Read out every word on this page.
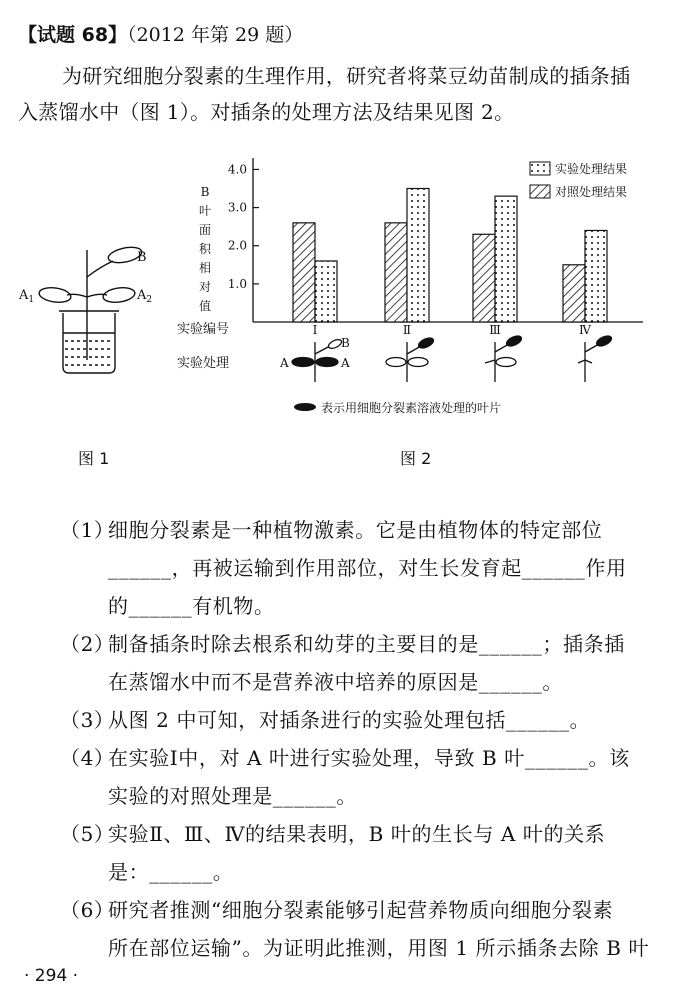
【试题 68】（2012 年第 29 题）
为研究细胞分裂素的生理作用，研究者将菜豆幼苗制成的插条插
入蒸馏水中（图 1）。对插条的处理方法及结果见图 2。
B
$A_1$	$A_2$
B
叶
面
积
相
对
值
1.0
2.0
3.0
4.0
Ⅰ	Ⅱ	Ⅲ	Ⅳ
实验处理结果
对照处理结果
实验编号
实验处理	A	A
B
表示用细胞分裂素溶液处理的叶片
图 1	图 2
（1）
细胞分裂素是一种植物激素。它是由植物体的特定部位
______，再被运输到作用部位，对生长发育起______作用
的______有机物。
（2）
制备插条时除去根系和幼芽的主要目的是______；插条插
在蒸馏水中而不是营养液中培养的原因是______。
（3）
从图 2 中可知，对插条进行的实验处理包括______。
（4）
在实验Ⅰ中，对 A 叶进行实验处理，导致 B 叶______。该
实验的对照处理是______。
（5）
实验Ⅱ、Ⅲ、Ⅳ的结果表明，B 叶的生长与 A 叶的关系
是：______。
（6）
研究者推测“细胞分裂素能够引起营养物质向细胞分裂素
所在部位运输”。为证明此推测，用图 1 所示插条去除 B 叶
· 294 ·
